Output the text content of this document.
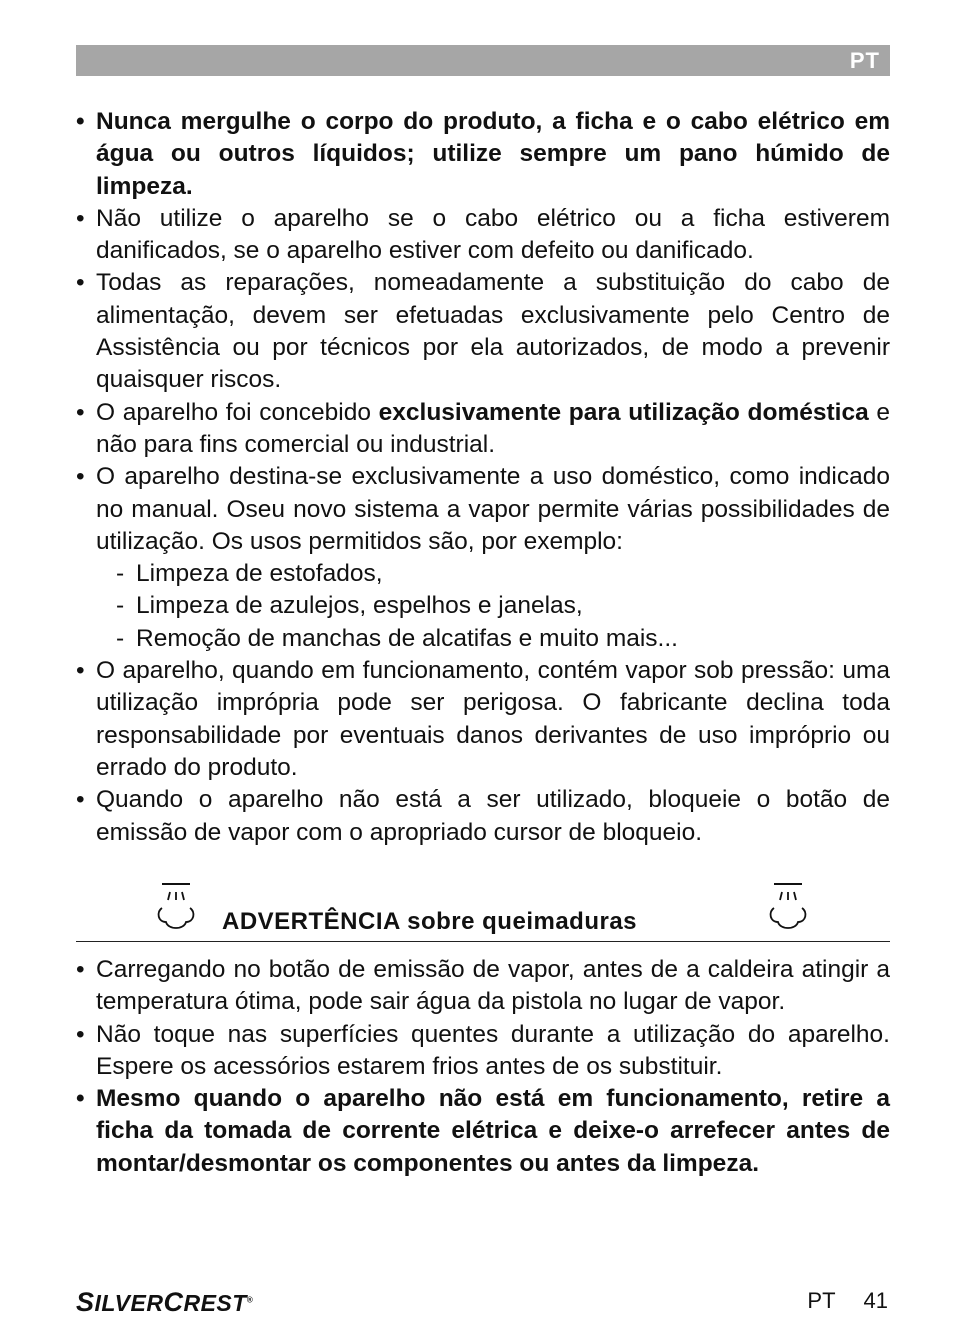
PT
• Nunca mergulhe o corpo do produto, a ficha e o cabo elétrico em água ou outros líquidos; utilize sempre um pano húmido de limpeza.
• Não utilize o aparelho se o cabo elétrico ou a ficha estiverem danificados, se o aparelho estiver com defeito ou danificado.
• Todas as reparações, nomeadamente a substituição do cabo de alimentação, devem ser efetuadas exclusivamente pelo Centro de Assistência ou por técnicos por ela autorizados, de modo a prevenir quaisquer riscos.
• O aparelho foi concebido exclusivamente para utilização doméstica e não para fins comercial ou industrial.
• O aparelho destina-se exclusivamente a uso doméstico, como indicado no manual. Oseu novo sistema a vapor permite várias possibilidades de utilização. Os usos permitidos são, por exemplo:
- Limpeza de estofados,
- Limpeza de azulejos, espelhos e janelas,
- Remoção de manchas de alcatifas e muito mais...
• O aparelho, quando em funcionamento, contém vapor sob pressão: uma utilização imprópria pode ser perigosa. O fabricante declina toda responsabilidade por eventuais danos derivantes de uso impróprio ou errado do produto.
• Quando o aparelho não está a ser utilizado, bloqueie o botão de emissão de vapor com o apropriado cursor de bloqueio.
ADVERTÊNCIA sobre queimaduras
• Carregando no botão de emissão de vapor, antes de a caldeira atingir a temperatura ótima, pode sair água da pistola no lugar de vapor.
• Não toque nas superfícies quentes durante a utilização do aparelho. Espere os acessórios estarem frios antes de os substituir.
• Mesmo quando o aparelho não está em funcionamento, retire a ficha da tomada de corrente elétrica e deixe-o arrefecer antes de montar/desmontar os componentes ou antes da limpeza.
SILVERCREST®	PT 41
